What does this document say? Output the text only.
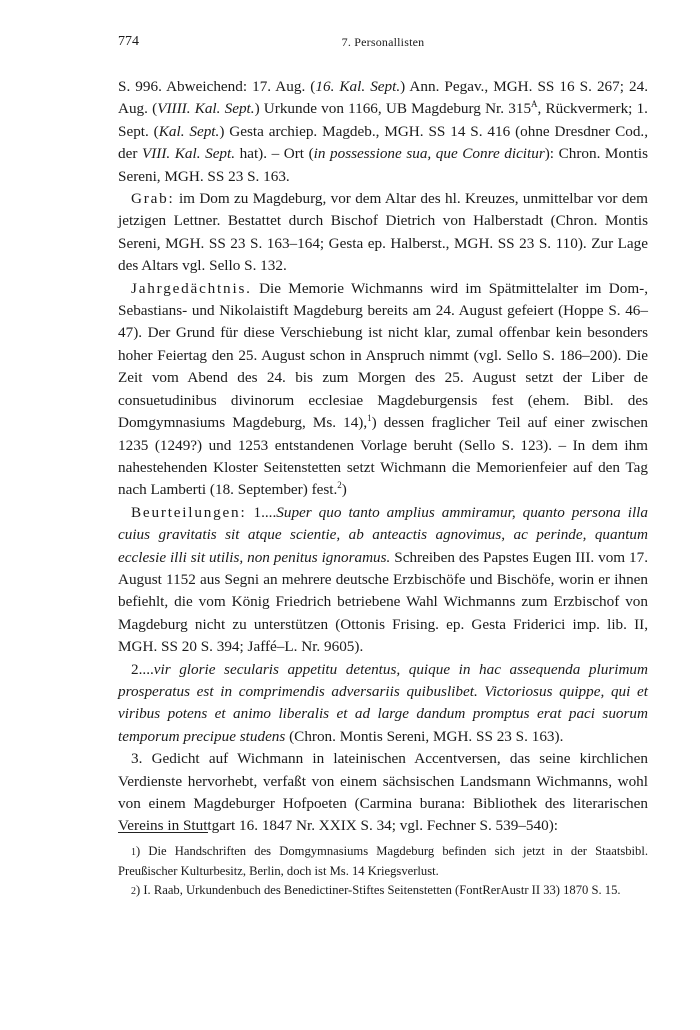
774	7. Personallisten

S. 996. Abweichend: 17. Aug. (16. Kal. Sept.) Ann. Pegav., MGH. SS 16 S. 267; 24. Aug. (VIIII. Kal. Sept.) Urkunde von 1166, UB Magdeburg Nr. $315^A$, Rückvermerk; 1. Sept. (Kal. Sept.) Gesta archiep. Magdeb., MGH. SS 14 S. 416 (ohne Dresdner Cod., der VIII. Kal. Sept. hat). – Ort (in possessione sua, que Conre dicitur): Chron. Montis Sereni, MGH. SS 23 S. 163.

Grab: im Dom zu Magdeburg, vor dem Altar des hl. Kreuzes, unmittelbar vor dem jetzigen Lettner. Bestattet durch Bischof Dietrich von Halberstadt (Chron. Montis Sereni, MGH. SS 23 S. 163–164; Gesta ep. Halberst., MGH. SS 23 S. 110). Zur Lage des Altars vgl. Sello S. 132.

Jahrgedächtnis. Die Memorie Wichmanns wird im Spätmittelalter im Dom-, Sebastians- und Nikolaistift Magdeburg bereits am 24. August gefeiert (Hoppe S. 46–47). Der Grund für diese Verschiebung ist nicht klar, zumal offenbar kein besonders hoher Feiertag den 25. August schon in Anspruch nimmt (vgl. Sello S. 186–200). Die Zeit vom Abend des 24. bis zum Morgen des 25. August setzt der Liber de consuetudinibus divinorum ecclesiae Magdeburgensis fest (ehem. Bibl. des Domgymnasiums Magdeburg, Ms. 14),$^1$) dessen fraglicher Teil auf einer zwischen 1235 (1249?) und 1253 entstandenen Vorlage beruht (Sello S. 123). – In dem ihm nahestehenden Kloster Seitenstetten setzt Wichmann die Memorienfeier auf den Tag nach Lamberti (18. September) fest.$^2$)

Beurteilungen: 1....Super quo tanto amplius ammiramur, quanto persona illa cuius gravitatis sit atque scientie, ab anteactis agnovimus, ac perinde, quantum ecclesie illi sit utilis, non penitus ignoramus. Schreiben des Papstes Eugen III. vom 17. August 1152 aus Segni an mehrere deutsche Erzbischöfe und Bischöfe, worin er ihnen befiehlt, die vom König Friedrich betriebene Wahl Wichmanns zum Erzbischof von Magdeburg nicht zu unterstützen (Ottonis Frising. ep. Gesta Friderici imp. lib. II, MGH. SS 20 S. 394; Jaffé–L. Nr. 9605).

2....vir glorie secularis appetitu detentus, quique in hac assequenda plurimum prosperatus est in comprimendis adversariis quibuslibet. Victoriosus quippe, qui et viribus potens et animo liberalis et ad large dandum promptus erat paci suorum temporum precipue studens (Chron. Montis Sereni, MGH. SS 23 S. 163).

3. Gedicht auf Wichmann in lateinischen Accentversen, das seine kirchlichen Verdienste hervorhebt, verfaßt von einem sächsischen Landsmann Wichmanns, wohl von einem Magdeburger Hofpoeten (Carmina burana: Bibliothek des literarischen Vereins in Stuttgart 16. 1847 Nr. XXIX S. 34; vgl. Fechner S. 539–540):

1) Die Handschriften des Domgymnasiums Magdeburg befinden sich jetzt in der Staatsbibl. Preußischer Kulturbesitz, Berlin, doch ist Ms. 14 Kriegsverlust.

2) I. Raab, Urkundenbuch des Benedictiner-Stiftes Seitenstetten (FontRerAustr II 33) 1870 S. 15.
